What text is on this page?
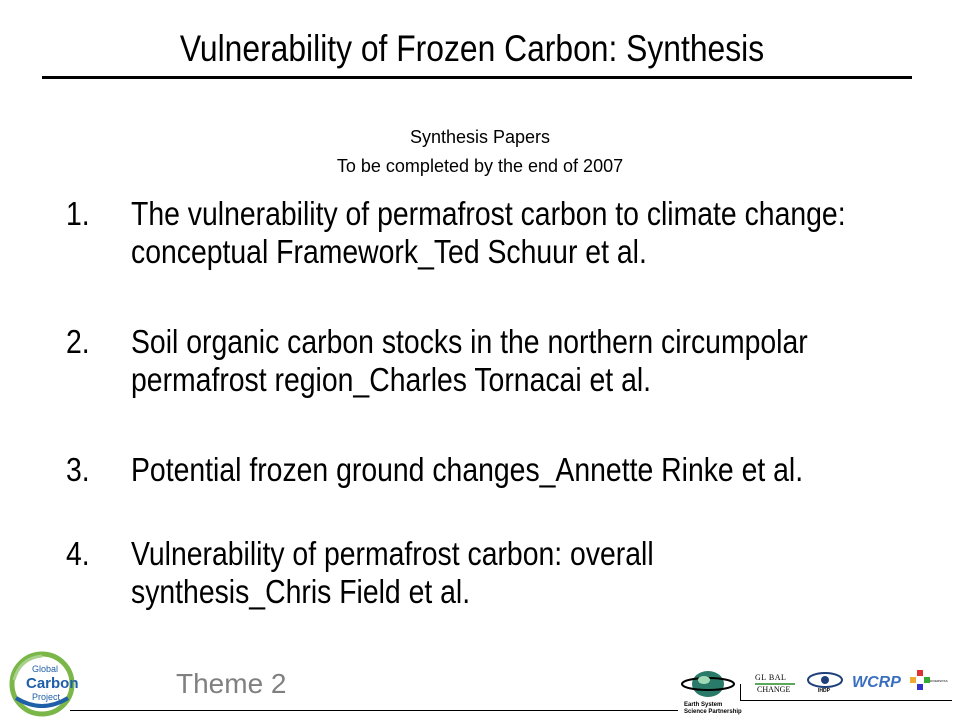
Vulnerability of Frozen Carbon: Synthesis
Synthesis Papers
To be completed by the end of 2007
1.	The vulnerability of permafrost carbon to climate change:
conceptual Framework_Ted Schuur et al.
2.	Soil organic carbon stocks in the northern circumpolar
permafrost region_Charles Tornacai et al.
3.	Potential frozen ground changes_Annette Rinke et al.
4.	Vulnerability of permafrost carbon: overall
synthesis_Chris Field et al.
Global
Carbon
Project	Theme 2
Earth System
Science Partnership
GL BAL
CHANGE	IHDP WCRP	DIVERSITAS
